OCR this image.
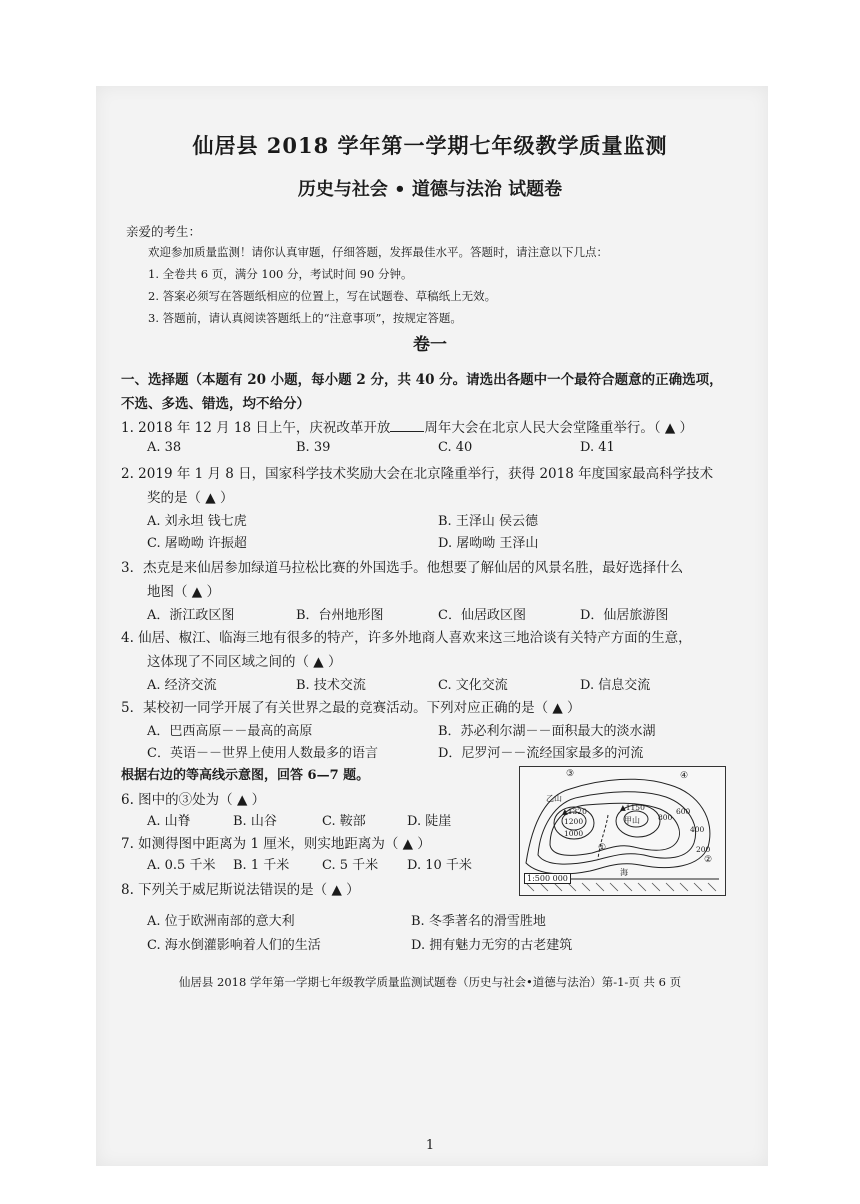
仙居县 2018 学年第一学期七年级教学质量监测
历史与社会 • 道德与法治 试题卷
亲爱的考生：
欢迎参加质量监测！请你认真审题，仔细答题，发挥最佳水平。答题时，请注意以下几点：
1. 全卷共 6 页，满分 100 分，考试时间 90 分钟。
2. 答案必须写在答题纸相应的位置上，写在试题卷、草稿纸上无效。
3. 答题前，请认真阅读答题纸上的“注意事项”，按规定答题。
卷一
一、选择题（本题有 20 小题，每小题 2 分，共 40 分。请选出各题中一个最符合题意的正确选项，
不选、多选、错选，均不给分）
1. 2018 年 12 月 18 日上午，庆祝改革开放	周年大会在北京人民大会堂隆重举行。（ ▲ ）
A. 38	B. 39	C. 40	D. 41
2. 2019 年 1 月 8 日，国家科学技术奖励大会在北京隆重举行，获得 2018 年度国家最高科学技术
奖的是（ ▲ ）
A. 刘永坦 钱七虎	B. 王泽山 侯云德
C. 屠呦呦 许振超	D. 屠呦呦 王泽山
3．杰克是来仙居参加绿道马拉松比赛的外国选手。他想要了解仙居的风景名胜，最好选择什么
地图（ ▲ ）
A．浙江政区图	B．台州地形图	C．仙居政区图	D．仙居旅游图
4. 仙居、椒江、临海三地有很多的特产，许多外地商人喜欢来这三地洽谈有关特产方面的生意，
这体现了不同区域之间的（ ▲ ）
A. 经济交流	B. 技术交流	C. 文化交流	D. 信息交流
5．某校初一同学开展了有关世界之最的竞赛活动。下列对应正确的是（ ▲ ）
A．巴西高原－－最高的高原	B．苏必利尔湖－－面积最大的淡水湖
C．英语－－世界上使用人数最多的语言	D．尼罗河－－流经国家最多的河流
根据右边的等高线示意图，回答 6—7 题。
6. 图中的③处为（ ▲ ）
A. 山脊	B. 山谷	C. 鞍部	D. 陡崖
7. 如测得图中距离为 1 厘米，则实地距离为（ ▲ ）
A. 0.5 千米 B. 1 千米	C. 5 千米 D. 10 千米
8. 下列关于威尼斯说法错误的是（ ▲ ）
A. 位于欧洲南部的意大利	B. 冬季著名的滑雪胜地
C. 海水倒灌影响着人们的生活	D. 拥有魅力无穷的古老建筑
③	④
乙山
▲1320
1200
1000
▲1150
甲山 800
600
400
200
①
②
海
1:500 000
仙居县 2018 学年第一学期七年级教学质量监测试题卷（历史与社会•道德与法治）第-1-页 共 6 页
1
